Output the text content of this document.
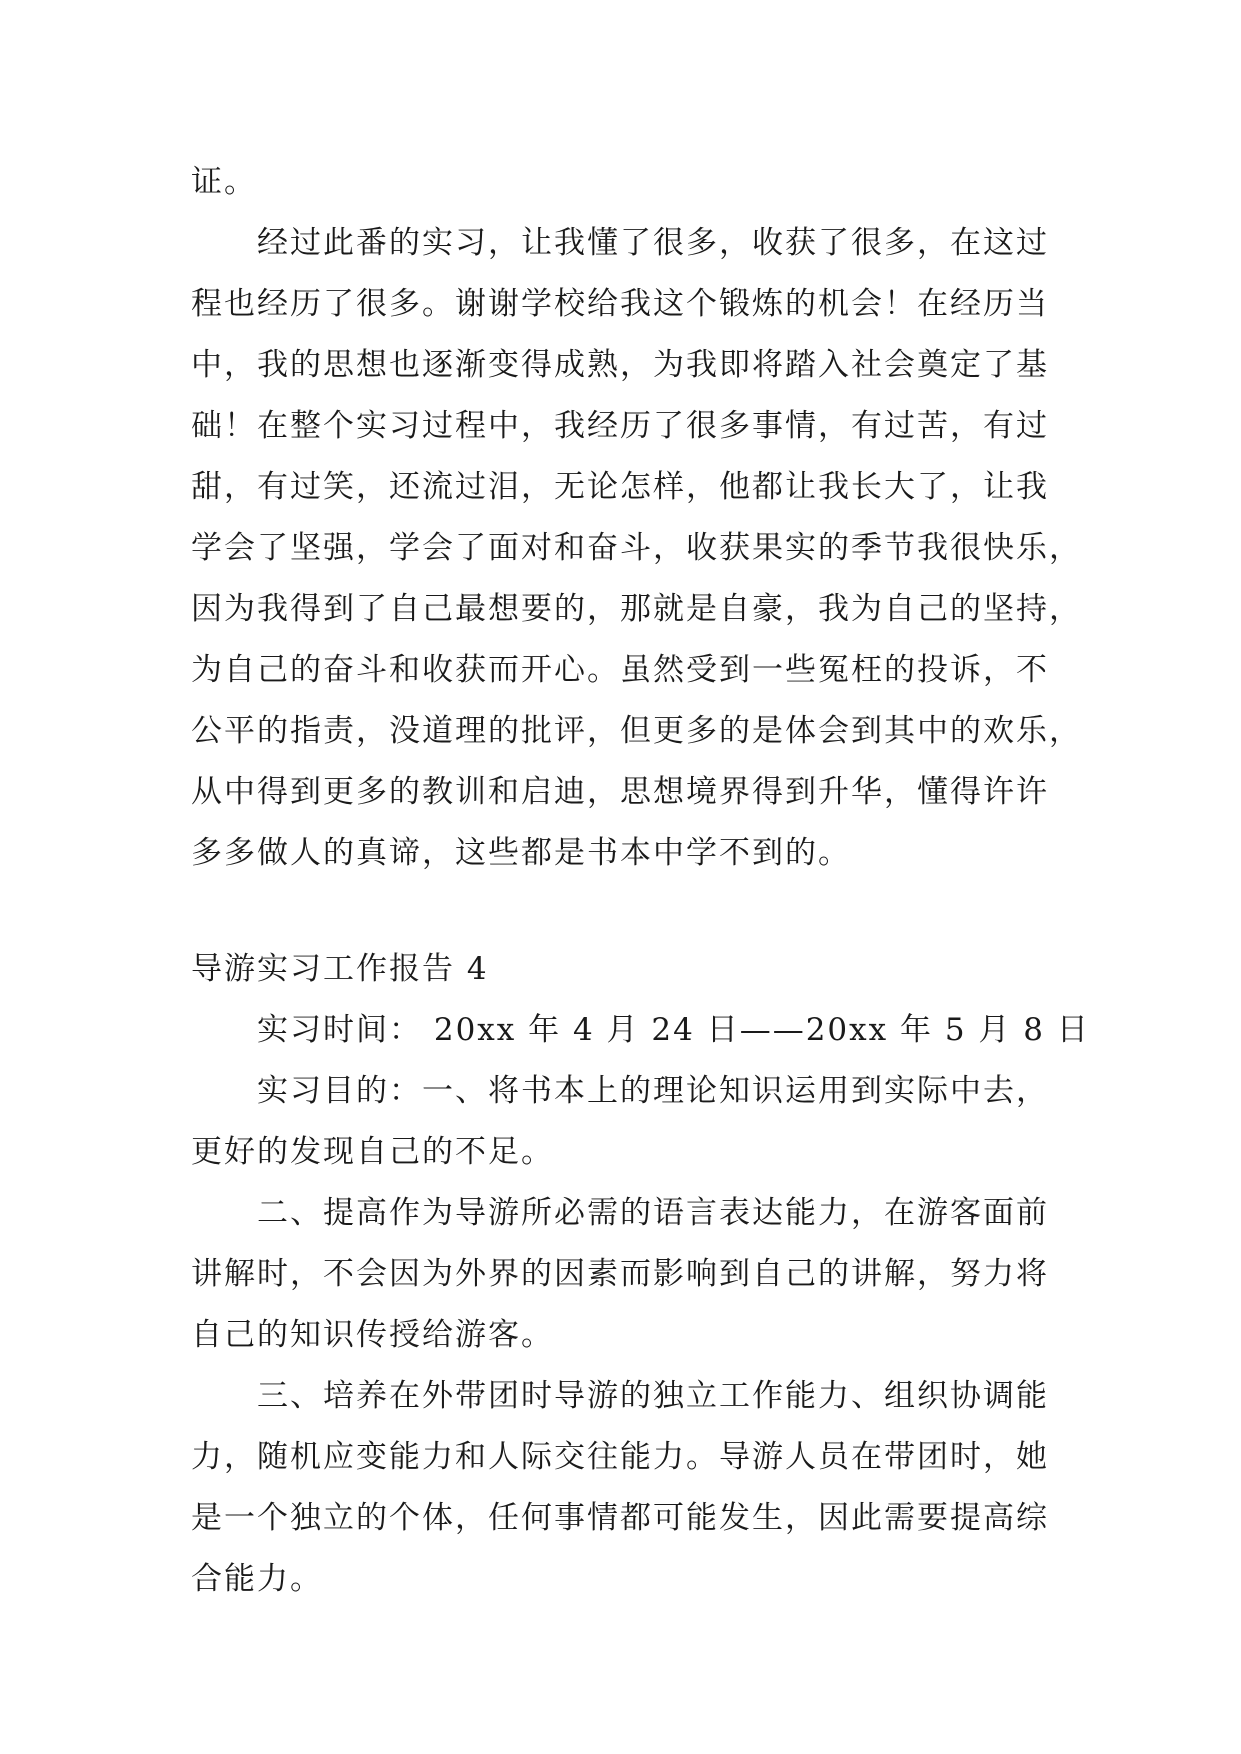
证。
经过此番的实习，让我懂了很多，收获了很多，在这过
程也经历了很多。谢谢学校给我这个锻炼的机会！在经历当
中，我的思想也逐渐变得成熟，为我即将踏入社会奠定了基
础！在整个实习过程中，我经历了很多事情，有过苦，有过
甜，有过笑，还流过泪，无论怎样，他都让我长大了，让我
学会了坚强，学会了面对和奋斗，收获果实的季节我很快乐，
因为我得到了自己最想要的，那就是自豪，我为自己的坚持，
为自己的奋斗和收获而开心。虽然受到一些冤枉的投诉，不
公平的指责，没道理的批评，但更多的是体会到其中的欢乐，
从中得到更多的教训和启迪，思想境界得到升华，懂得许许
多多做人的真谛，这些都是书本中学不到的。
导游实习工作报告 4
实习时间： 20xx 年 4 月 24 日——20xx 年 5 月 8 日
实习目的：一、将书本上的理论知识运用到实际中去，
更好的发现自己的不足。
二、提高作为导游所必需的语言表达能力，在游客面前
讲解时，不会因为外界的因素而影响到自己的讲解，努力将
自己的知识传授给游客。
三、培养在外带团时导游的独立工作能力、组织协调能
力，随机应变能力和人际交往能力。导游人员在带团时，她
是一个独立的个体，任何事情都可能发生，因此需要提高综
合能力。
